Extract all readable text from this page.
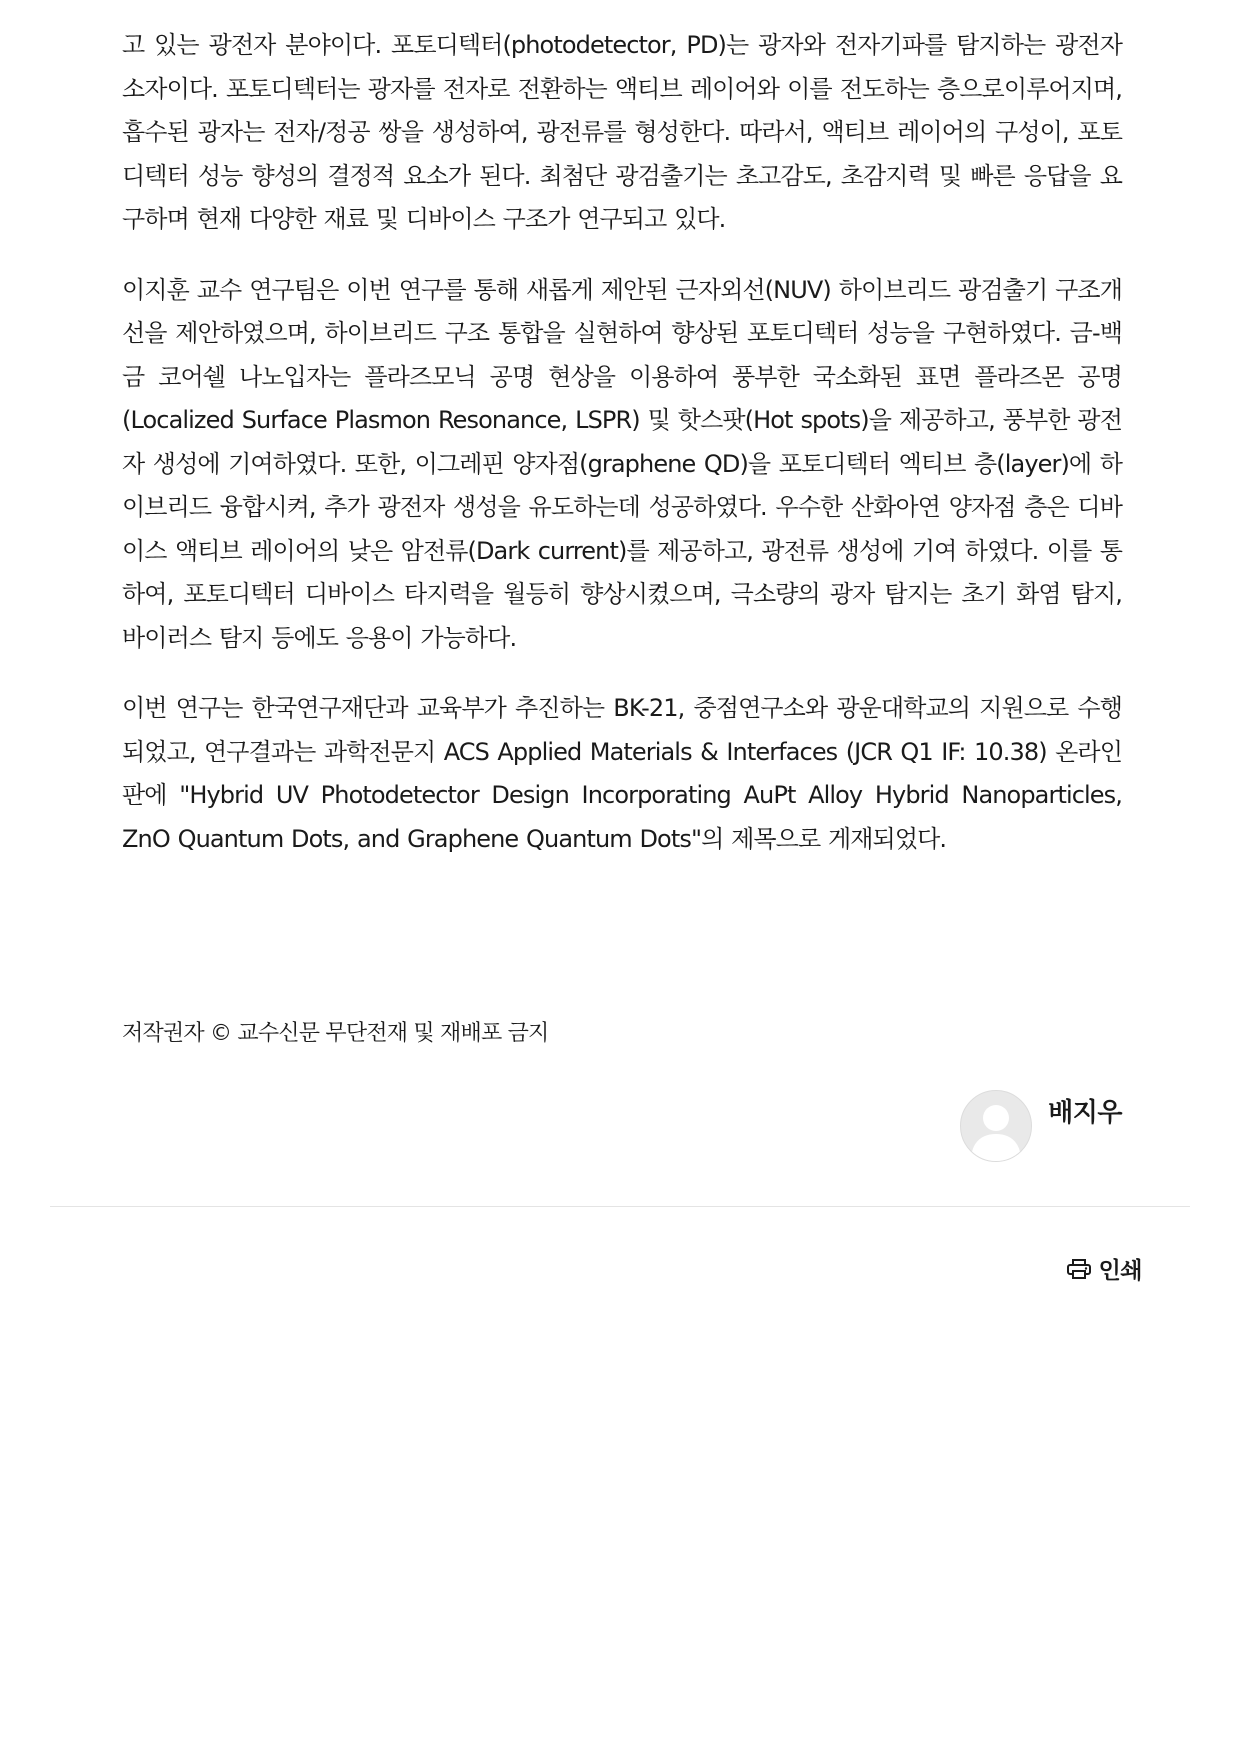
고 있는 광전자 분야이다. 포토디텍터(photodetector, PD)는 광자와 전자기파를 탐지하는 광전자 소자이다. 포토디텍터는 광자를 전자로 전환하는 액티브 레이어와 이를 전도하는 층으로이루어지며, 흡수된 광자는 전자/정공 쌍을 생성하여, 광전류를 형성한다. 따라서, 액티브 레이어의 구성이, 포토디텍터 성능 향성의 결정적 요소가 된다. 최첨단 광검출기는 초고감도, 초감지력 및 빠른 응답을 요구하며 현재 다양한 재료 및 디바이스 구조가 연구되고 있다.

이지훈 교수 연구팀은 이번 연구를 통해 새롭게 제안된 근자외선(NUV) 하이브리드 광검출기 구조개선을 제안하였으며, 하이브리드 구조 통합을 실현하여 향상된 포토디텍터 성능을 구현하였다. 금-백금 코어쉘 나노입자는 플라즈모닉 공명 현상을 이용하여 풍부한 국소화된 표면 플라즈몬 공명 (Localized Surface Plasmon Resonance, LSPR) 및 핫스팟(Hot spots)을 제공하고, 풍부한 광전자 생성에 기여하였다. 또한, 이그레핀 양자점(graphene QD)을 포토디텍터 엑티브 층(layer)에 하이브리드 융합시켜, 추가 광전자 생성을 유도하는데 성공하였다. 우수한 산화아연 양자점 층은 디바이스 액티브 레이어의 낮은 암전류(Dark current)를 제공하고, 광전류 생성에 기여 하였다. 이를 통하여, 포토디텍터 디바이스 타지력을 월등히 향상시켰으며, 극소량의 광자 탐지는 초기 화염 탐지, 바이러스 탐지 등에도 응용이 가능하다.

이번 연구는 한국연구재단과 교육부가 추진하는 BK-21, 중점연구소와 광운대학교의 지원으로 수행되었고, 연구결과는 과학전문지 ACS Applied Materials & Interfaces (JCR Q1 IF: 10.38) 온라인 판에 "Hybrid UV Photodetector Design Incorporating AuPt Alloy Hybrid Nanoparticles, ZnO Quantum Dots, and Graphene Quantum Dots"의 제목으로 게재되었다.

저작권자 © 교수신문 무단전재 및 재배포 금지
배지우
인쇄
